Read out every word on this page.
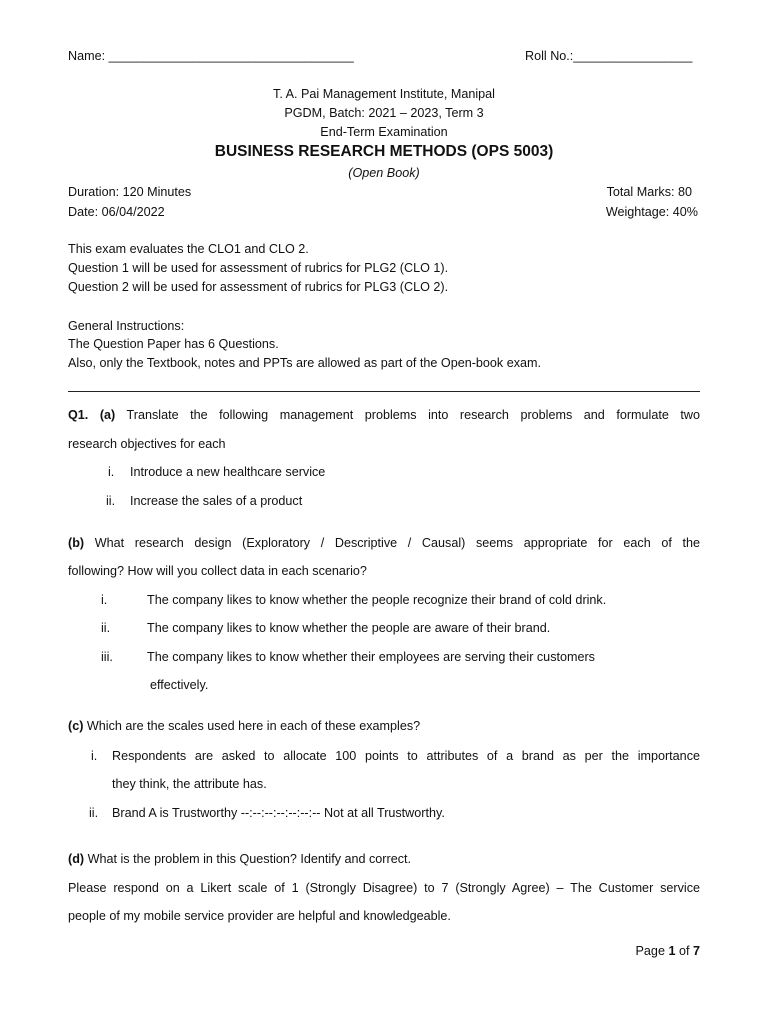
Name: ___________________________________	Roll No.:_________________
T. A. Pai Management Institute, Manipal
PGDM, Batch: 2021 – 2023, Term 3
End-Term Examination
BUSINESS RESEARCH METHODS (OPS 5003)
(Open Book)
Duration: 120 Minutes
Date: 06/04/2022
Total Marks: 80
Weightage: 40%
This exam evaluates the CLO1 and CLO 2.
Question 1 will be used for assessment of rubrics for PLG2 (CLO 1).
Question 2 will be used for assessment of rubrics for PLG3 (CLO 2).
General Instructions:
The Question Paper has 6 Questions.
Also, only the Textbook, notes and PPTs are allowed as part of the Open-book exam.
Q1. (a) Translate the following management problems into research problems and formulate two
research objectives for each
i. Introduce a new healthcare service
ii. Increase the sales of a product
(b) What research design (Exploratory / Descriptive / Causal) seems appropriate for each of the
following? How will you collect data in each scenario?
i.	The company likes to know whether the people recognize their brand of cold drink.
ii.	The company likes to know whether the people are aware of their brand.
iii.	The company likes to know whether their employees are serving their customers
effectively.
(c) Which are the scales used here in each of these examples?
i. Respondents are asked to allocate 100 points to attributes of a brand as per the importance
they think, the attribute has.
ii. Brand A is Trustworthy --:--:--:--:--:--:-- Not at all Trustworthy.
(d) What is the problem in this Question? Identify and correct.
Please respond on a Likert scale of 1 (Strongly Disagree) to 7 (Strongly Agree) – The Customer service
people of my mobile service provider are helpful and knowledgeable.
Page 1 of 7
